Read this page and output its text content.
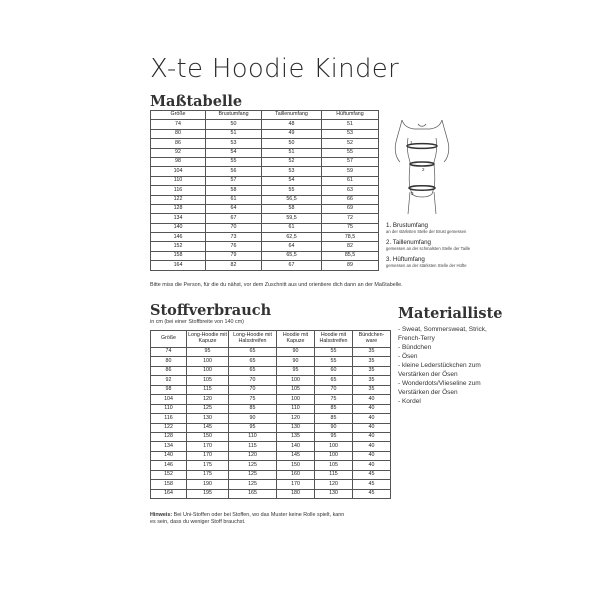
X-te Hoodie Kinder
Maßtabelle
Größe	Brustumfang	Taillenumfang	Hüftumfang
74	50	48	51
80	51	49	53
86	53	50	52
92	54	51	55
98	55	52	57
104	56	53	59
110	57	54	61
116	58	55	63
122	61	56,5	66
128	64	58	69
134	67	59,5	72
140	70	61	75
146	73	62,5	78,5
152	76	64	82
158	79	65,5	85,5
164	82	67	89
Bitte miss die Person, für die du nähst, vor dem Zuschnitt aus und orientiere dich dann an der Maßtabelle.
1
2
3
1. Brustumfang
an der stärksten Stelle der Brust gemessen
2. Taillenumfang
gemessen an der schmalsten Stelle der Taille
3. Hüftumfang
gemessen an der stärksten Stelle der Hüfte
Stoffverbrauch
in cm (bei einer Stoffbreite von 140 cm)
Größe	Long-Hoodie mit Kapuze	Long-Hoodie mit Halsstreifen	Hoodie mit Kapuze	Hoodie mit Halsstreifen	Bündchen-ware
74	95	65	90	55	35
80	100	65	90	55	35
86	100	65	95	60	35
92	105	70	100	65	35
98	115	70	105	70	35
104	120	75	100	75	40
110	125	85	110	85	40
116	130	90	120	85	40
122	145	95	130	90	40
128	150	110	135	95	40
134	170	115	140	100	40
140	170	120	145	100	40
146	175	125	150	105	40
152	175	125	160	115	45
158	190	125	170	120	45
164	195	165	180	130	45
Hinweis: Bei Uni-Stoffen oder bei Stoffen, wo das Muster keine Rolle spielt, kann
es sein, dass du weniger Stoff brauchst.
Materialliste
- Sweat, Sommersweat, Strick,
French-Terry
- Bündchen
- Ösen
- kleine Lederstückchen zum
Verstärken der Ösen
- Wonderdots/Vlieseline zum
Verstärken der Ösen
- Kordel
